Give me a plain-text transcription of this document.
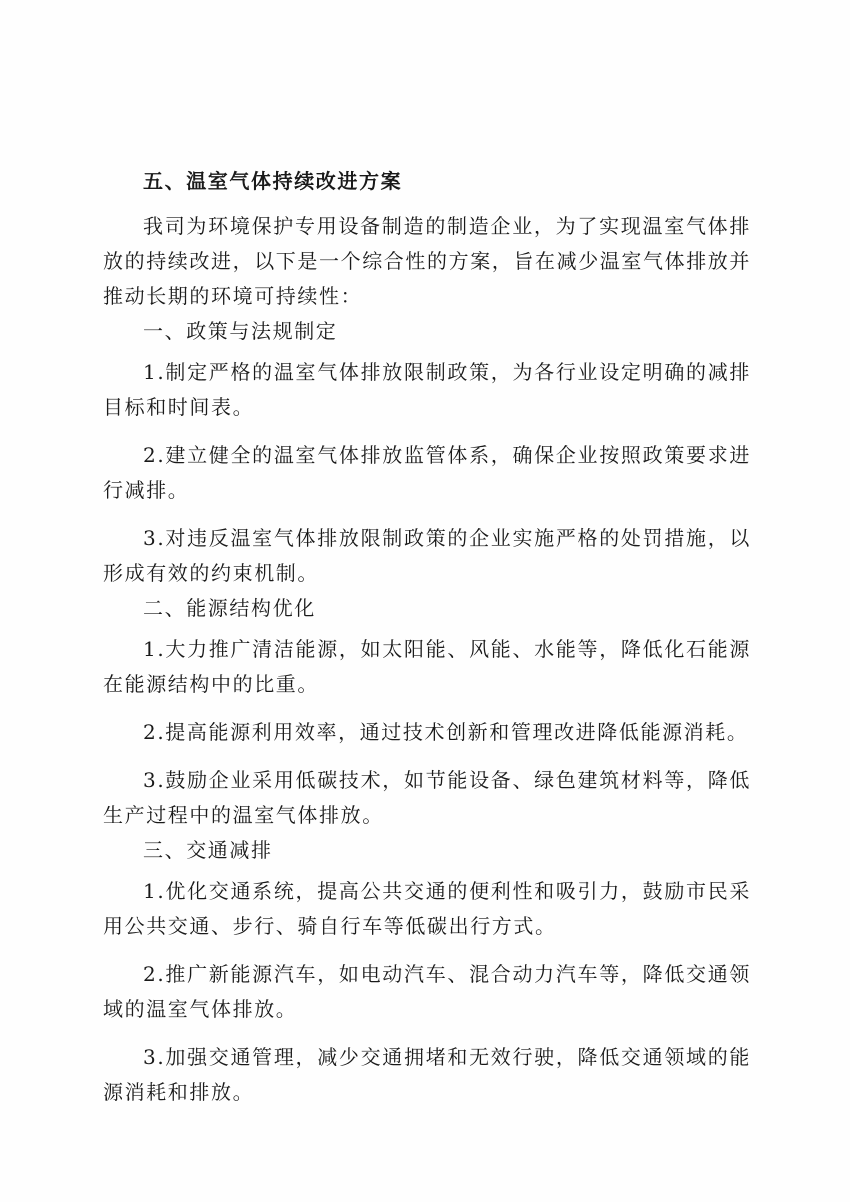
五、温室气体持续改进方案

我司为环境保护专用设备制造的制造企业，为了实现温室气体排放的持续改进，以下是一个综合性的方案，旨在减少温室气体排放并推动长期的环境可持续性：

一、政策与法规制定

1.制定严格的温室气体排放限制政策，为各行业设定明确的减排目标和时间表。

2.建立健全的温室气体排放监管体系，确保企业按照政策要求进行减排。

3.对违反温室气体排放限制政策的企业实施严格的处罚措施，以形成有效的约束机制。

二、能源结构优化

1.大力推广清洁能源，如太阳能、风能、水能等，降低化石能源在能源结构中的比重。

2.提高能源利用效率，通过技术创新和管理改进降低能源消耗。

3.鼓励企业采用低碳技术，如节能设备、绿色建筑材料等，降低生产过程中的温室气体排放。

三、交通减排

1.优化交通系统，提高公共交通的便利性和吸引力，鼓励市民采用公共交通、步行、骑自行车等低碳出行方式。

2.推广新能源汽车，如电动汽车、混合动力汽车等，降低交通领域的温室气体排放。

3.加强交通管理，减少交通拥堵和无效行驶，降低交通领域的能源消耗和排放。
